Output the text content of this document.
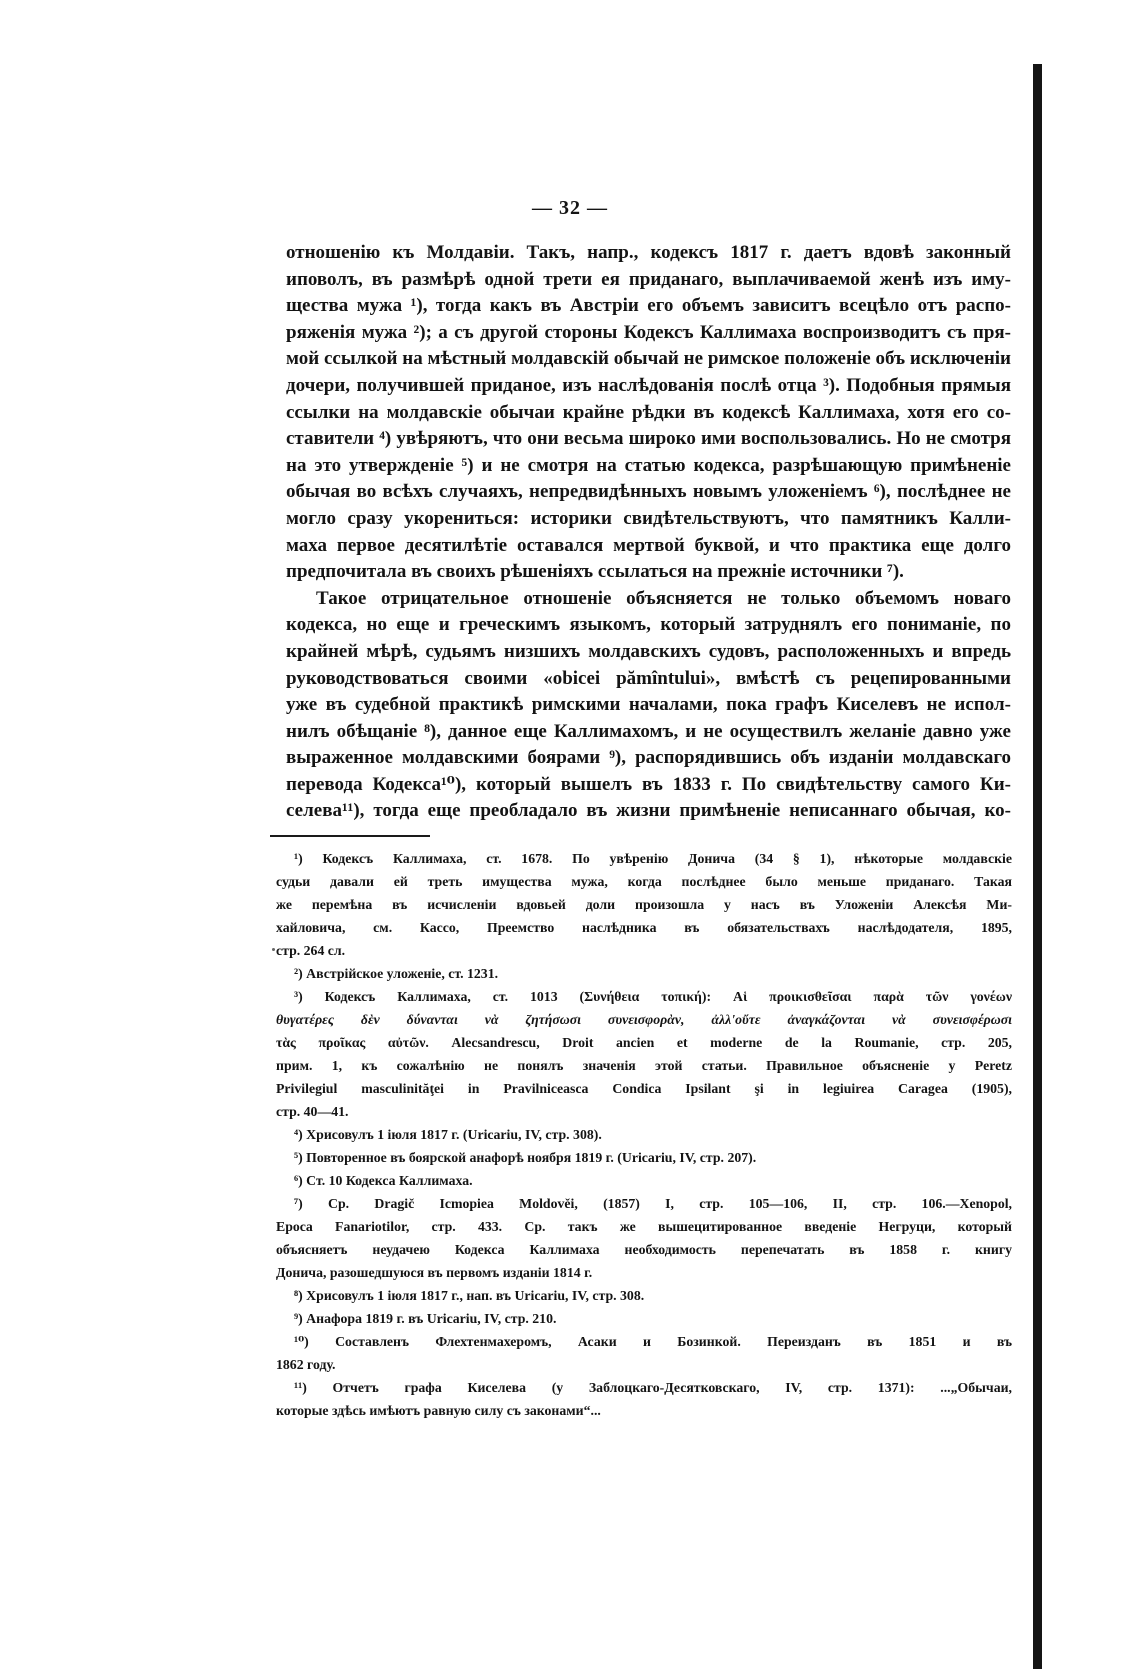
— 32 —

отношенію къ Молдавіи. Такъ, напр., кодексъ 1817 г. даетъ вдовѣ законный

иповолъ, въ размѣрѣ одной трети ея приданаго, выплачиваемой женѣ изъ иму-

щества мужа ¹), тогда какъ въ Австріи его объемъ зависитъ всецѣло отъ распо-

ряженія мужа ²); а съ другой стороны Кодексъ Каллимаха воспроизводитъ съ пря-

мой ссылкой на мѣстный молдавскій обычай не римское положеніе объ исключеніи

дочери, получившей приданое, изъ наслѣдованія послѣ отца ³). Подобныя прямыя

ссылки на молдавскіе обычаи крайне рѣдки въ кодексѣ Каллимаха, хотя его со-

ставители ⁴) увѣряютъ, что они весьма широко ими воспользовались. Но не смотря

на это утвержденіе ⁵) и не смотря на статью кодекса, разрѣшающую примѣненіе

обычая во всѣхъ случаяхъ, непредвидѣнныхъ новымъ уложеніемъ ⁶), послѣднее не

могло сразу укорениться: историки свидѣтельствуютъ, что памятникъ Калли-

маха первое десятилѣтіе оставался мертвой буквой, и что практика еще долго

предпочитала въ своихъ рѣшеніяхъ ссылаться на прежніе источники ⁷).

Такое отрицательное отношеніе объясняется не только объемомъ новаго

кодекса, но еще и греческимъ языкомъ, который затруднялъ его пониманіе, по

крайней мѣрѣ, судьямъ низшихъ молдавскихъ судовъ, расположенныхъ и впредь

руководствоваться своими «obicei pămîntului», вмѣстѣ съ рецепированными

уже въ судебной практикѣ римскими началами, пока графъ Киселевъ не испол-

нилъ обѣщаніе ⁸), данное еще Каллимахомъ, и не осуществилъ желаніе давно уже

выраженное молдавскими боярами ⁹), распорядившись объ изданіи молдавскаго

перевода Кодекса¹⁰), который вышелъ въ 1833 г. По свидѣтельству самого Ки-

селева¹¹), тогда еще преобладало въ жизни примѣненіе неписаннаго обычая, ко-

¹) Кодексъ Каллимаха, ст. 1678. По увѣренію Донича (34 § 1), нѣкоторые молдавскіе
судьи давали ей треть имущества мужа, когда послѣднее было меньше приданаго. Такая
же перемѣна въ исчисленіи вдовьей доли произошла у насъ въ Уложеніи Алексѣя Ми-
хайловича, см. Кассо, Преемство наслѣдника въ обязательствахъ наслѣдодателя, 1895,
стр. 264 сл.
²) Австрійское уложеніе, ст. 1231.
³) Кодексъ Каллимаха, ст. 1013 (Συνήθεια τοπική): Αἱ προικισθεῖσαι παρὰ τῶν γονέων
θυγατέρες δὲν δύνανται νὰ ζητήσωσι συνεισφορὰν, ἀλλ'οὔτε ἀναγκάζονται νὰ συνεισφέρωσι
τὰς προῖκας αὐτῶν. Alecsandrescu, Droit ancien et moderne de la Roumanie, стр. 205,
прим. 1, къ сожалѣнію не понялъ значенія этой статьи. Правильное объясненіе у Peretz
Privilegiul masculinităţei in Pravilniceasca Condica Ipsilant şi in legiuirea Caragea (1905),
стр. 40—41.
⁴) Хрисовулъ 1 іюля 1817 г. (Uricariu, IV, стр. 308).
⁵) Повторенное въ боярской анафорѣ ноября 1819 г. (Uricariu, IV, стр. 207).
⁶) Ст. 10 Кодекса Каллимаха.
⁷) Ср. Dragič Icmopiea Moldověi, (1857) I, стр. 105—106, II, стр. 106.—Xenopol,
Epoca Fanariotilor, стр. 433. Ср. такъ же вышецитированное введеніе Негруци, который
объясняетъ неудачею Кодекса Каллимаха необходимость перепечатать въ 1858 г. книгу
Донича, разошедшуюся въ первомъ изданіи 1814 г.
⁸) Хрисовулъ 1 іюля 1817 г., нап. въ Uricariu, IV, стр. 308.
⁹) Анафора 1819 г. въ Uricariu, IV, стр. 210.
¹⁰) Составленъ Флехтенмахеромъ, Асаки и Бозинкой. Переизданъ въ 1851 и въ
1862 году.
¹¹) Отчетъ графа Киселева (у Заблоцкаго-Десятковскаго, IV, стр. 1371): ...„Обычаи,
которые здѣсь имѣютъ равную силу съ законами“...
